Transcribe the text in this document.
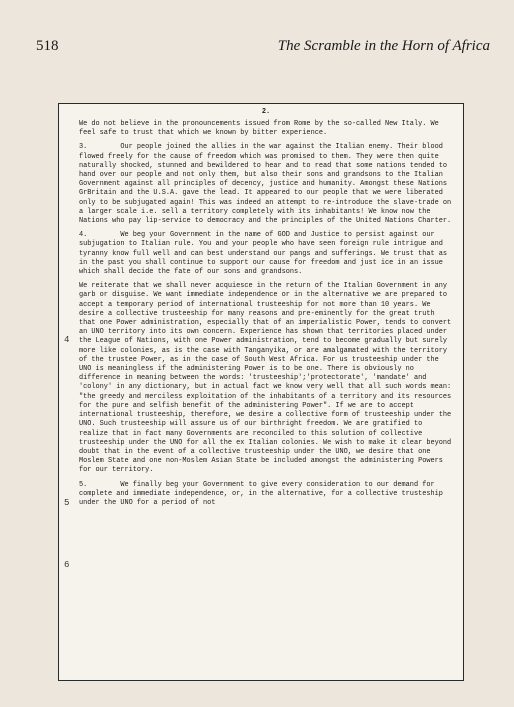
518	The Scramble in the Horn of Africa
2.

We do not believe in the pronouncements issued from Rome by the so-called New Italy. We feel safe to trust that which we known by bitter experience.

3.        Our people joined the allies in the war against the Italian enemy. Their blood flowed freely for the cause of freedom which was promised to them. They were then quite naturally shocked, stunned and bewildered to hear and to read that some nations tended to hand over our people and not only them, but also their sons and grandsons to the Italian Government against all principles of decency, justice and humanity. Amongst these Nations GrBritain and the U.S.A. gave the lead. It appeared to our people that we were liberated only to be subjugated again! This was indeed an attempt to re-introduce the slave-trade on a larger scale i.e. sell a territory completely with its inhabitants! We know now the Nations who pay lip-service to democracy and the principles of the United Nations Charter.

4.        We beg your Government in the name of GOD and Justice to persist against our subjugation to Italian rule. You and your people who have seen foreign rule intrigue and tyranny know full well and can best understand our pangs and sufferings. We trust that as in the past you shall continue to support our cause for freedom and just ice in an issue which shall decide the fate of our sons and grandsons.

We reiterate that we shall never acquiesce in the return of the Italian Government in any garb or disguise. We want immediate independence or in the alternative we are prepared to accept a temporary period of international trusteeship for not more than 10 years. We desire a collective trusteeship for many reasons and pre-eminently for the great truth that one Power administration, especially that of an imperialistic Power, tends to convert an UNO territory into its own concern. Experience has shown that territories placed under the League of Nations, with one Power administration, tend to become gradually but surely more like colonies, as is the case with Tanganyika, or are amalgamated with the territory of the trustee Power, as in the case of South West Africa. For us trusteeship under the UNO is meaningless if the administering Power is to be one. There is obviously no difference in meaning between the words: 'trusteeship';'protectorate', 'mandate' and 'colony' in any dictionary, but in actual fact we know very well that all such words mean: "the greedy and merciless exploitation of the inhabitants of a territory and its resources for the pure and selfish benefit of the administering Power". If we are to accept international trusteeship, therefore, we desire a collective form of trusteeship under the UNO. Such trusteeship will assure us of our birthright freedom. We are gratified to realize that in fact many Governments are reconciled to this solution of collective trusteeship under the UNO for all the ex Italian colonies. We wish to make it clear beyond doubt that in the event of a collective trusteeship under the UNO, we desire that one Moslem State and one non-Moslem Asian State be included amongst the administering Powers for our territory.

5.        We finally beg your Government to give every consideration to our demand for complete and immediate independence, or, in the alternative, for a collective trusteship under the UNO for a period of not

4
5
6
